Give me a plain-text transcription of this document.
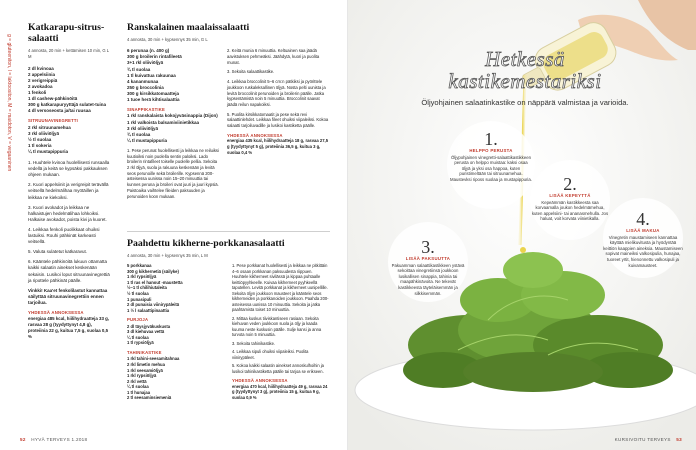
g = gluteeniton, l = laktoositon, M = maidoton, V = vegaaninen
Katkarapu-sitrus-salaatti
4 annosta, 20 min + kettämisen 10 min, G L M
2 dl kvinoaa
2 appelsiinia
2 verigreippiä
2 avokadoa
1 fenkoli
1 dl cashew-pähkinöitä
300 g katkarapuryyttäjä sulatet-tuina
4 dl versoseosta ja/tai ruusaa
SITRUUNAVINEGRETTI
2 rkl sitruunamehua
3 rkl oliiviöljyä
½ tl suolaa
1 tl sokeria
¼ tl mustapippuria
1. Huuhtele kvinoa huolellisesti runsaalla vedellä ja keitä se kypsäksi pakkauksen ohjeen mukaan.
2. Kuori appelsiinit ja verigreipit terävällä veitsellä hedelmälihaa myötäillen ja leikkaa ne kiekoiksi.
3. Kuori avokadot ja leikkaa ne halkaistujen hedelmälihaa lohkoiksi. Halkaise avokadot, poista kivi ja kuoret.
4. Leikkaa fenkoli puolikkaat ohuiksi lastuiksi. Rouhi pähkinät karkeasti veitsellä.
5. Valuta sulatetut katkaravut.
6. Kääntele pähkinöitä lukuun ottamatta kaikki salaatin ainekset keskenään sekaisin. Lusikoi loput sitruunavinegrettiä ja ripottele pähkinät päälle.
Vinkki! Kaa'et fenkolilastut kannattaa säilyttää sitruunavinegrettiin ennen tarjoilua.
YHDESSÄ ANNOKSESSA
energiaa 485 kcal, hiilihydraatteja 33 g, rasvaa 28 g (tyydyttynyt 4,8 g), proteiinia 22 g, kuitua 7,5 g, suolaa 0,5 %
Ranskalainen maalaissalaatti
4 annosta, 30 min + kypsennys 35 min, G L
6 perunaa (n. 400 g)
300 g broilerin rintafileetä
3+1 rkl oliiviöljyä
¾ tl suolaa
1 tl kuivattua rakuunaa
4 kananmunaa
250 g broccolinia
300 g kirsikkatomaatteja
1 tuoe herä kihtisalaattia
SINAPPIKASTIKE
1 rkl ranskalaista kokojyväsinappia (Dijon)
1 rkl valkoista balsamiviinietikkaa
3 rkl oliiviöljyä
¾ tl suolaa
¼ tl mustapippuria
1. Pese perunat huolellisesti ja leikkaa ne reiluiksi kuutioiksi noin puolella sentin paloiksi. Lado broilerin rintafileet toiselle puolelle pellia. Sekoita 2 rkl öljyä, suola ja rakuuna keskenään ja levitä seos perunoille sekä broilerille. Kypsennä 200-asteisessa uunissa noin 15–20 minuuttia tai kunnes peruna ja broileri ovat juuri ja juuri kypsiä. Paistoaika vaihtelee fileiden paksuuden ja perunoiden koon mukaan.
2. Keitä munia 6 minuuttia. Keltuainen saa jäädä aavistuksen pehmeäksi. Jäähdytä, kuori ja puolita munat.
3. Sekoita salaattikastike.
4. Leikkaa broccolinit 5–6 cm:n pätkiksi ja pyörittele joukkoon ruskaleksallinen öljyä. Nosta pelti uunista ja levitä broccolinit perunoiden ja broilerin päälle. Jatka kypsentämistä noin 5 minuuttia. Broccolinit saavat jäädä reilun napakoiksi.
5. Puolita kirsikkatomaatit ja pese sekä revi salaattinlehdet. Leikkaa fileet ohuiksi viipaleiksi. Kokoa salaatti tarjoiluvadille ja lusikoi kastiketta päälle.
YHDESSÄ ANNOKSESSA
energiaa 435 kcal, hiilihydraatteja 18 g, rasvaa 27,5 g (tyydyttynyt 5 g), proteiinia 36,5 g, kuitua 3 g, suolaa 0,4 %
Paahdettu kikherne-porkkanasalaatti
4 annosta, 30 min + kypsennys 35 min, L M
5 porkkanaa
300 g kikhernetiä (säilyke)
1 rkl rypsiöljyä
1 tl ras el hanout -maustetta
½–1 tl chilihiutaleita
½ tl suolaa
1 punasipuli
2 dl punaisia viinirypäleitä
1 ½ l salaattipinaattia
PURJOJA
2 dl täysjyväkuskusta
3 dl kiehuvaa vettä
¼ tl suolaa
1 tl rypsiöljyä
TAHINIKASTIKE
1 rkl tahini-seesamitahnaa
2 rkl limetin mehua
1 rkl seesamiöljyä
1 rkl rypsiöljyä
2 rkl vettä
¼ tl suolaa
1 tl hunajaa
2 tl seesaminsiemeniä
1. Pese porkkanat huolellisesti ja leikkaa ne pitkittäin 4–6 osaan porkkanan paksuudesta riippuen. Huuhtele kikherneet sivilässä ja kippaa puhtaalle keittiöpyyhkeelle. Kuivaa kikherneet pyyhkeellä taputellen. Levitä porkkanat ja kikherneet uunipellille. Sekoita öljyn joukkoon mausteet ja kääntele seos kikherneiden ja porkkanoiden joukkoon. Paahda 200-asteisessa uunissa 10 minuuttia. Sekoita ja jatka paahtamista toiset 10 minuuttia.
2. Mittaa kuskus tiiviskantiseen rasiaan. Sekoita kiehuvan veden joukkoon suola ja öljy ja kaada kuuma neste kuskusin päälle. Sulje kansi ja anna turvota noin 5 minuuttia.
3. Sekoita tahinikastike.
4. Leikkaa sipuli ohuiksi viipaleiksi. Puolita viinirypäleet.
5. Kokoa kaikki salaatin ainekset annoskulhoihin ja lusikoi tahinikastiketta päälle tai tarjoa se erikseen.
YHDESSÄ ANNOKSESSA
energiaa 470 kcal, hiilihydraatteja 49 g, rasvaa 24 g (tyydyttynyt 3 g), proteiinia 15 g, kuitua 9 g, suolaa 0,9 %
52 HYVÄ TERVEYS 1.2018
Hetkessä kastikemestariksi
Öljyohjainen salaatinkastike on näppärä valmistaa ja varioida.
1.
HELPPO PERUSTA
Öljypohjainen vinegretti-salaattikastikkeen perusta on helppo muistaa: kaksi osaa öljyä ja yksi osa happoa, kuten puristimeltään tai sitruunamehua. Maustevksi riposs suolaa ja mustapippuria.	2.
LISÄÄ KEPEYTTÄ
Kepeämmän kastikkeesta saa korvaamalla joukon hedelmämehua, kuten appelsiini- tai ananasmehulla. Jos haluat, voit korvata viinietikalla.
3.
LISÄÄ PAKSUUTTA
Pakuamman salaattikastikkeen ystävä sekoittaa vinegretiinsä joukkoon lusikallisen sinappia, tahinia tai maapähkinävoita. Ne tekevät kastikkeesta täyteläisemmän ja silkkisemmän.
4.
LISÄÄ MAKUA
Vinegretin maustamiseen kannattaa käyttää mielikuvitusta ja hyödyntää keittiön kaappien aineksia. Maustamiseen sopivat maineiksi valkosipulia, hunajaa, tuoreet yrtit, hienonnettu valkosipuli ja kuivamausteet.
KURSIVOITU TERVEYS 53
